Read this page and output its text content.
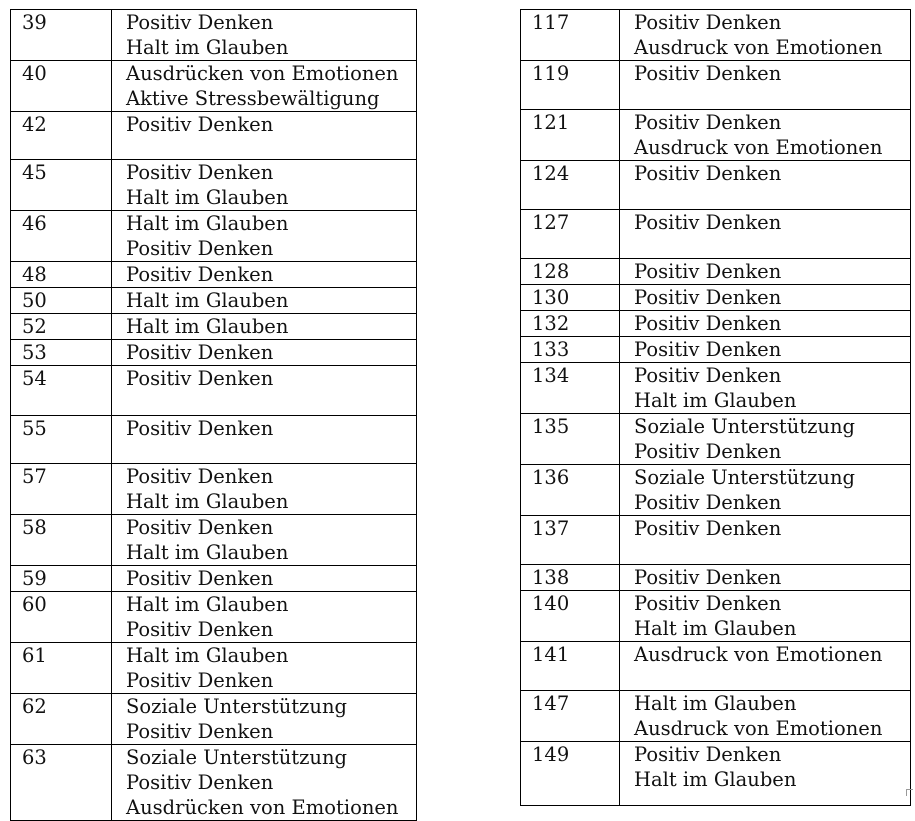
39	Positiv Denken
Halt im Glauben

40	Ausdrücken von Emotionen
Aktive Stressbewältigung

42	Positiv Denken

45	Positiv Denken
Halt im Glauben

46	Halt im Glauben
Positiv Denken

48	Positiv Denken

50	Halt im Glauben

52	Halt im Glauben

53	Positiv Denken

54	Positiv Denken

55	Positiv Denken

57	Positiv Denken
Halt im Glauben

58	Positiv Denken
Halt im Glauben

59	Positiv Denken

60	Halt im Glauben
Positiv Denken

61	Halt im Glauben
Positiv Denken

62	Soziale Unterstützung
Positiv Denken

63	Soziale Unterstützung
Positiv Denken
Ausdrücken von Emotionen
117	Positiv Denken
Ausdruck von Emotionen

119	Positiv Denken

121	Positiv Denken
Ausdruck von Emotionen

124	Positiv Denken

127	Positiv Denken

128	Positiv Denken

130	Positiv Denken

132	Positiv Denken

133	Positiv Denken

134	Positiv Denken
Halt im Glauben

135	Soziale Unterstützung
Positiv Denken

136	Soziale Unterstützung
Positiv Denken

137	Positiv Denken

138	Positiv Denken

140	Positiv Denken
Halt im Glauben

141	Ausdruck von Emotionen

147	Halt im Glauben
Ausdruck von Emotionen

149	Positiv Denken
Halt im Glauben
